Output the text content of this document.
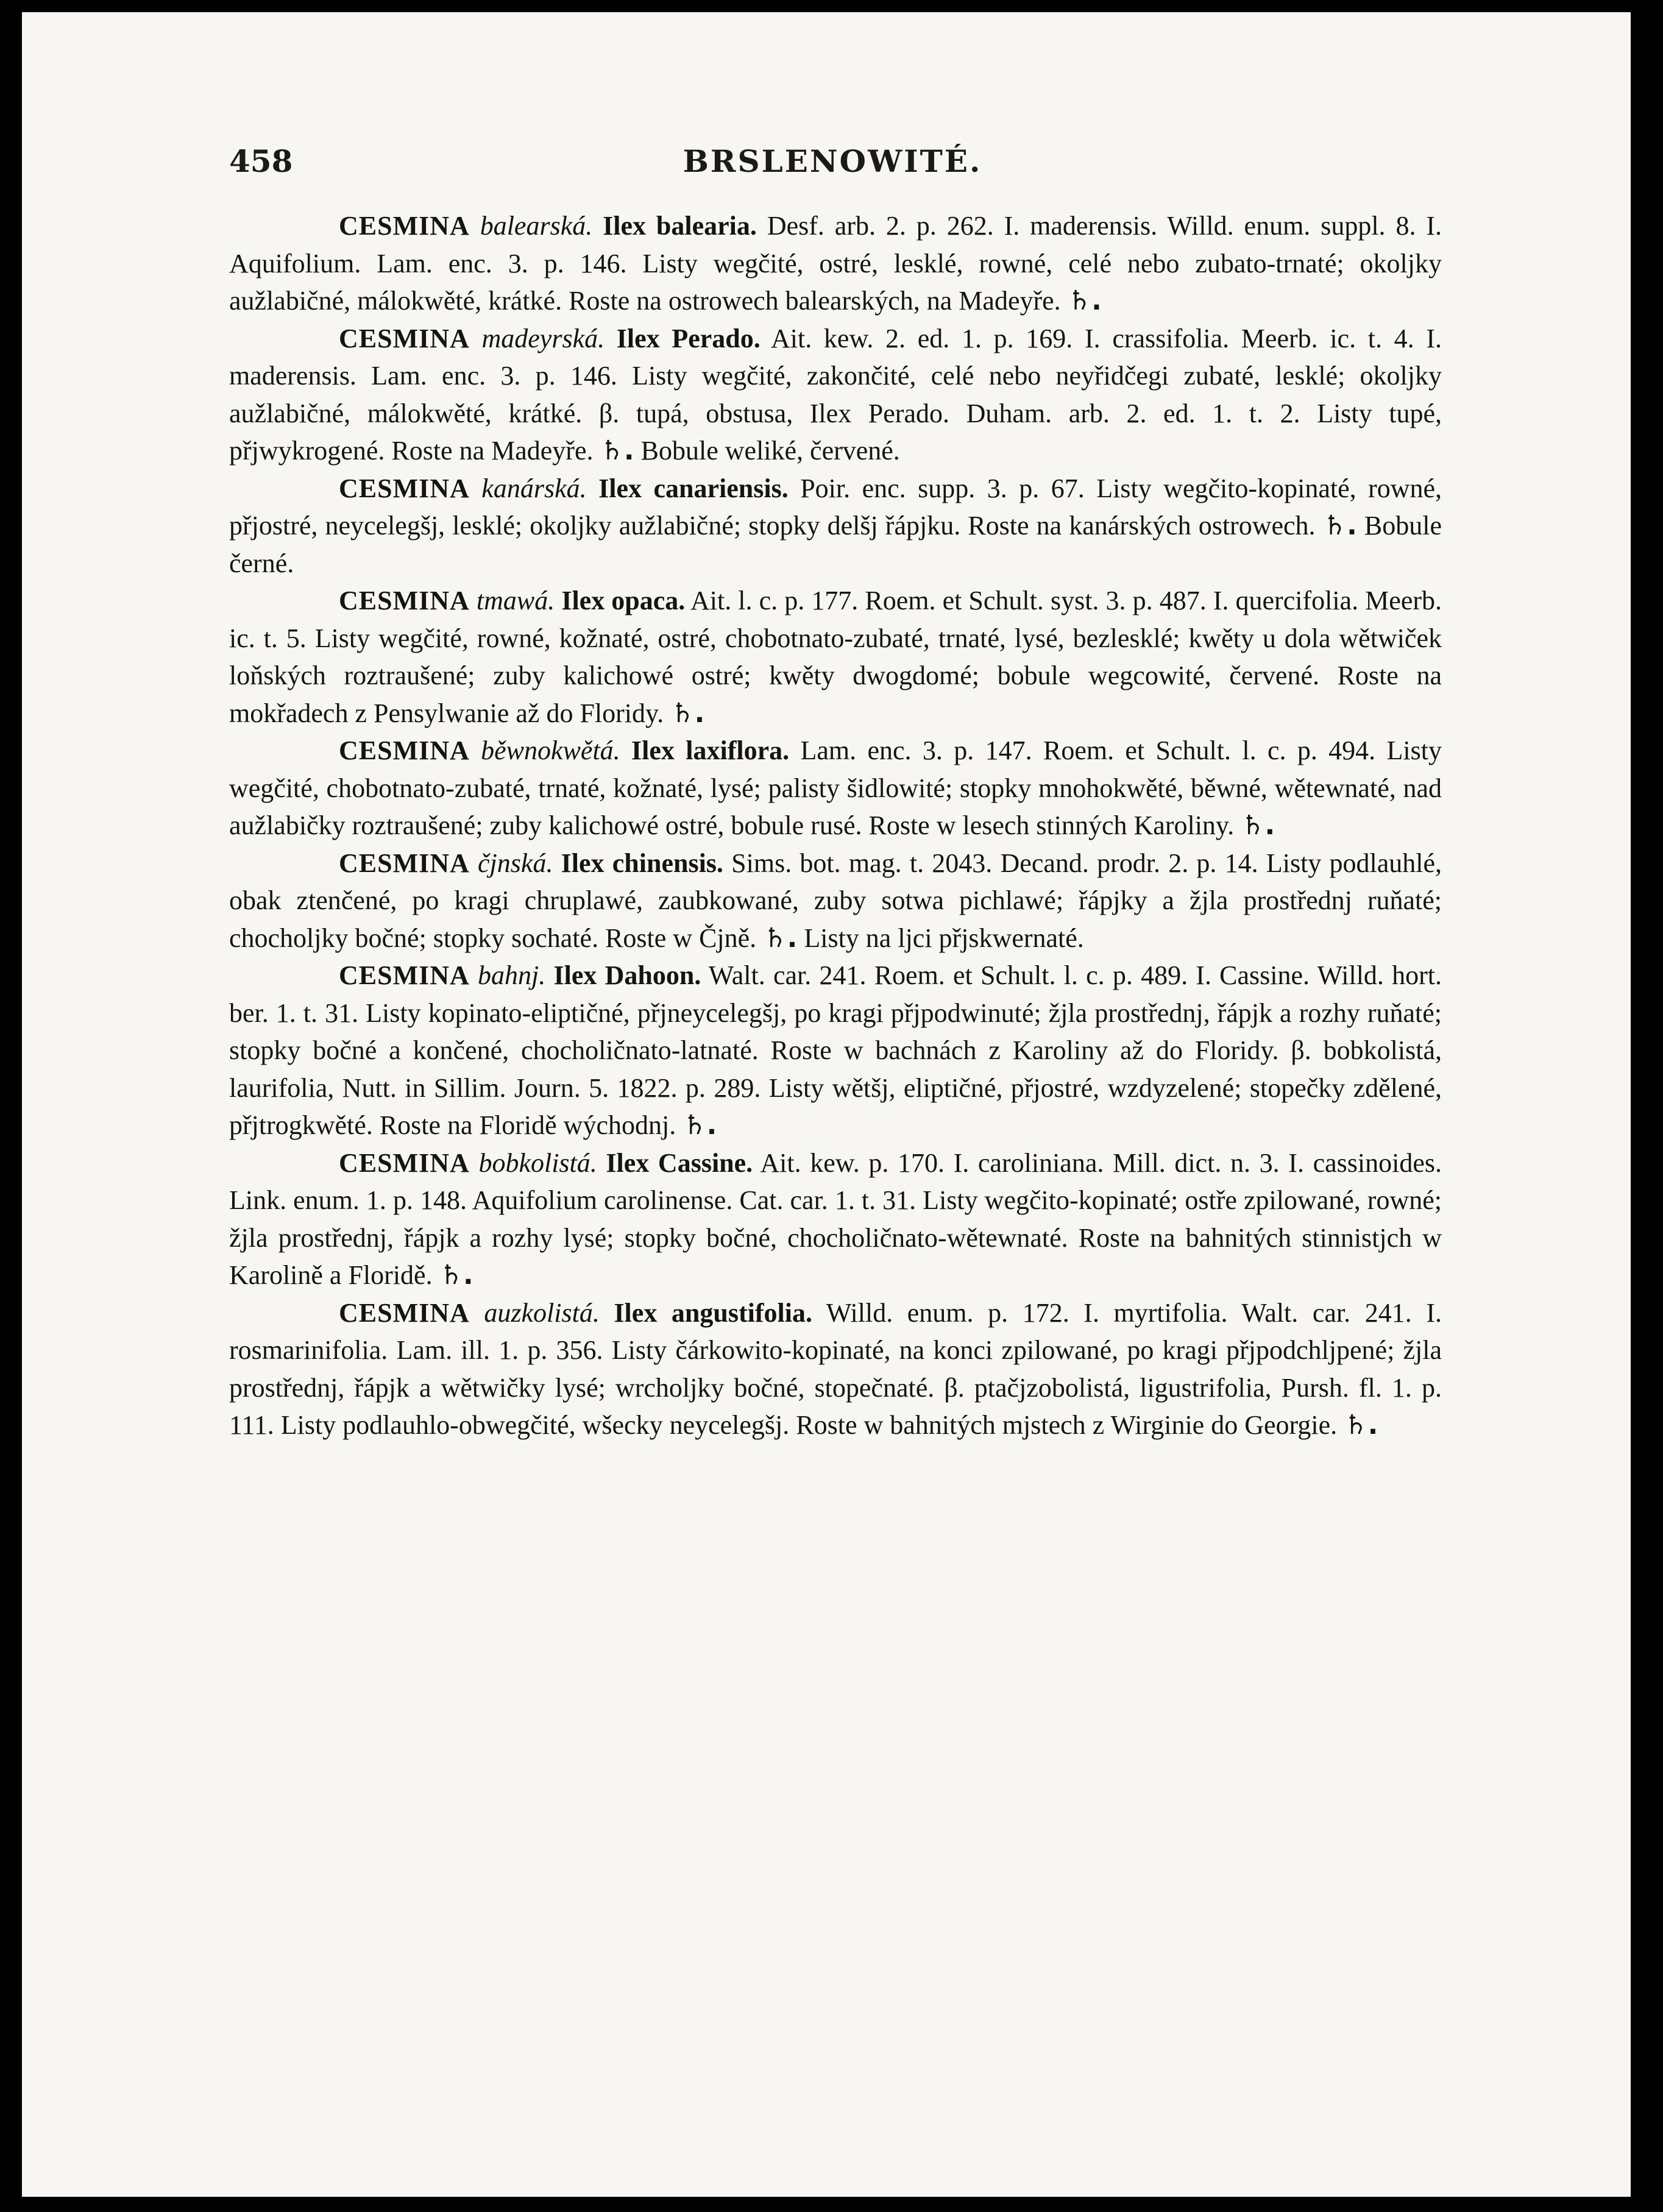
458	BRSLENOWITÉ.

CESMINA balearská. Ilex balearia. Desf. arb. 2. p. 262. I. maderensis. Willd. enum. suppl. 8. I. Aquifolium. Lam. enc. 3. p. 146. Listy wegčité, ostré, lesklé, rowné, celé nebo zubato-trnaté; okoljky aužlabičné, málokwěté, krátké. Roste na ostrowech balearských, na Madeyře. ♄.

CESMINA madeyrská. Ilex Perado. Ait. kew. 2. ed. 1. p. 169. I. crassifolia. Meerb. ic. t. 4. I. maderensis. Lam. enc. 3. p. 146. Listy wegčité, zakončité, celé nebo neyřidčegi zubaté, lesklé; okoljky aužlabičné, málokwěté, krátké. β. tupá, obstusa, Ilex Perado. Duham. arb. 2. ed. 1. t. 2. Listy tupé, přjwykrogené. Roste na Madeyře. ♄. Bobule weliké, červené.

CESMINA kanárská. Ilex canariensis. Poir. enc. supp. 3. p. 67. Listy wegčito-kopinaté, rowné, přjostré, neycelegšj, lesklé; okoljky aužlabičné; stopky delšj řápjku. Roste na kanárských ostrowech. ♄. Bobule černé.

CESMINA tmawá. Ilex opaca. Ait. l. c. p. 177. Roem. et Schult. syst. 3. p. 487. I. quercifolia. Meerb. ic. t. 5. Listy wegčité, rowné, kožnaté, ostré, chobotnato-zubaté, trnaté, lysé, bezlesklé; kwěty u dola wětwiček loňských roztraušené; zuby kalichowé ostré; kwěty dwogdomé; bobule wegcowité, červené. Roste na mokřadech z Pensylwanie až do Floridy. ♄.

CESMINA běwnokwětá. Ilex laxiflora. Lam. enc. 3. p. 147. Roem. et Schult. l. c. p. 494. Listy wegčité, chobotnato-zubaté, trnaté, kožnaté, lysé; palisty šidlowité; stopky mnohokwěté, běwné, wětewnaté, nad aužlabičky roztraušené; zuby kalichowé ostré, bobule rusé. Roste w lesech stinných Karoliny. ♄.

CESMINA čjnská. Ilex chinensis. Sims. bot. mag. t. 2043. Decand. prodr. 2. p. 14. Listy podlauhlé, obak ztenčené, po kragi chruplawé, zaubkowané, zuby sotwa pichlawé; řápjky a žjla prostřednj ruňaté; chocholjky bočné; stopky sochaté. Roste w Čjně. ♄. Listy na ljci přjskwernaté.

CESMINA bahnj. Ilex Dahoon. Walt. car. 241. Roem. et Schult. l. c. p. 489. I. Cassine. Willd. hort. ber. 1. t. 31. Listy kopinato-eliptičné, přjneycelegšj, po kragi přjpodwinuté; žjla prostřednj, řápjk a rozhy ruňaté; stopky bočné a končené, chocholičnato-latnaté. Roste w bachnách z Karoliny až do Floridy. β. bobkolistá, laurifolia, Nutt. in Sillim. Journ. 5. 1822. p. 289. Listy wětšj, eliptičné, přjostré, wzdyzelené; stopečky zdělené, přjtrogkwěté. Roste na Floridě wýchodnj. ♄.

CESMINA bobkolistá. Ilex Cassine. Ait. kew. p. 170. I. caroliniana. Mill. dict. n. 3. I. cassinoides. Link. enum. 1. p. 148. Aquifolium carolinense. Cat. car. 1. t. 31. Listy wegčito-kopinaté; ostře zpilowané, rowné; žjla prostřednj, řápjk a rozhy lysé; stopky bočné, chocholičnato-wětewnaté. Roste na bahnitých stinnistjch w Karolině a Floridě. ♄.

CESMINA auzkolistá. Ilex angustifolia. Willd. enum. p. 172. I. myrtifolia. Walt. car. 241. I. rosmarinifolia. Lam. ill. 1. p. 356. Listy čárkowito-kopinaté, na konci zpilowané, po kragi přjpodchljpené; žjla prostřednj, řápjk a wětwičky lysé; wrcholjky bočné, stopečnaté. β. ptačjzobolistá, ligustrifolia, Pursh. fl. 1. p. 111. Listy podlauhlo-obwegčité, wšecky neycelegšj. Roste w bahnitých mjstech z Wirginie do Georgie. ♄.
